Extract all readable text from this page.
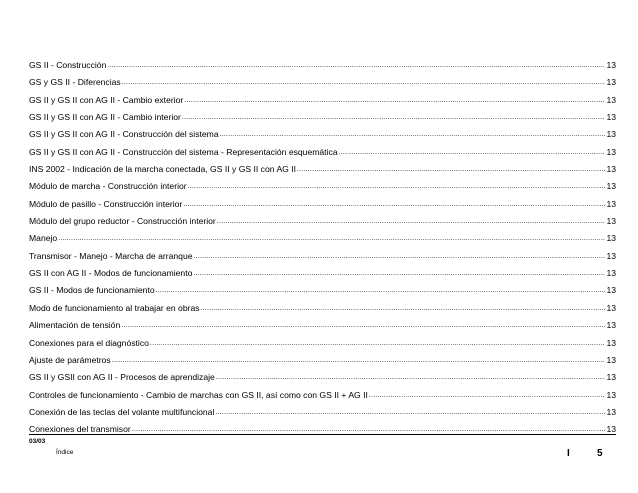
GS II - Construcción .....	13
GS y GS II - Diferencias .....	13
GS II y GS II con AG II - Cambio exterior .....	13
GS II y GS II con AG II - Cambio interior .....	13
GS II y GS II con AG II - Construcción del sistema .....	13
GS II y GS II con AG II - Construcción del sistema - Representación esquemática .....	13
INS 2002 - Indicación de la marcha conectada, GS II y GS II con AG II .....	13
Módulo de marcha - Construcción interior .....	13
Módulo de pasillo - Construcción interior .....	13
Módulo del grupo reductor - Construcción interior .....	13
Manejo .....	13
Transmisor - Manejo - Marcha de arranque .....	13
GS II con AG II - Modos de funcionamiento .....	13
GS II - Modos de funcionamiento .....	13
Modo de funcionamiento al trabajar en obras .....	13
Alimentación de tensión .....	13
Conexiones para el diagnóstico .....	13
Ajuste de parámetros .....	13
GS II y GSII con AG II - Procesos de aprendizaje .....	13
Controles de funcionamiento - Cambio de marchas con GS II, así como con GS II + AG II .....	13
Conexión de las teclas del volante multifuncional .....	13
Conexiones del transmisor .....	13
03/03
Índice	I	5
